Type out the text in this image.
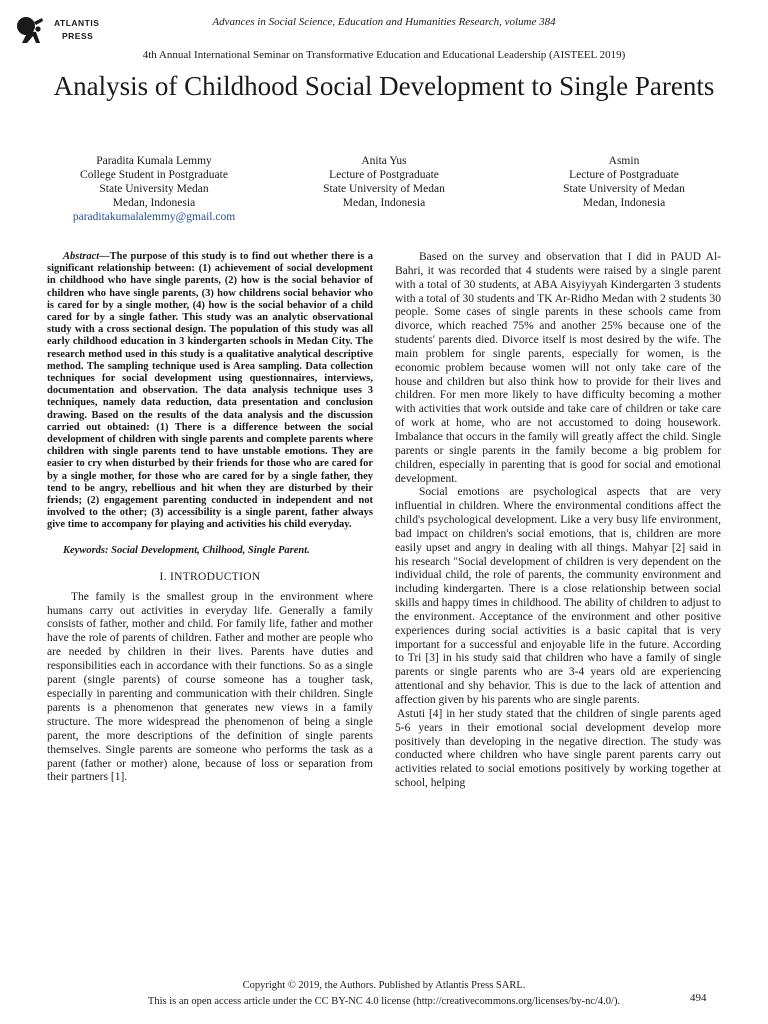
ATLANTIS
PRESS
Advances in Social Science, Education and Humanities Research, volume 384
4th Annual International Seminar on Transformative Education and Educational Leadership (AISTEEL 2019)
Analysis of Childhood Social Development to Single Parents
Paradita Kumala Lemmy
College Student in Postgraduate
State University Medan
Medan, Indonesia
paraditakumalalemmy@gmail.com
Anita Yus
Lecture of Postgraduate
State University of Medan
Medan, Indonesia
Asmin
Lecture of Postgraduate
State University of Medan
Medan, Indonesia

Abstract—The purpose of this study is to find out whether there is a significant relationship between: (1) achievement of social development in childhood who have single parents, (2) how is the social behavior of children who have single parents, (3) how childrens social behavior who is cared for by a single mother, (4) how is the social behavior of a child cared for by a single father. This study was an analytic observational study with a cross sectional design. The population of this study was all early childhood education in 3 kindergarten schools in Medan City. The research method used in this study is a qualitative analytical descriptive method. The sampling technique used is Area sampling. Data collection techniques for social development using questionnaires, interviews, documentation and observation. The data analysis technique uses 3 techniques, namely data reduction, data presentation and conclusion drawing. Based on the results of the data analysis and the discussion carried out obtained: (1) There is a difference between the social development of children with single parents and complete parents where children with single parents tend to have unstable emotions. They are easier to cry when disturbed by their friends for those who are cared for by a single mother, for those who are cared for by a single father, they tend to be angry, rebellious and hit when they are disturbed by their friends; (2) engagement parenting conducted in independent and not involved to the other; (3) accessibility is a single parent, father always give time to accompany for playing and activities his child everyday.

Keywords: Social Development, Chilhood, Single Parent.

I. INTRODUCTION

The family is the smallest group in the environment where humans carry out activities in everyday life. Generally a family consists of father, mother and child. For family life, father and mother have the role of parents of children. Father and mother are people who are needed by children in their lives. Parents have duties and responsibilities each in accordance with their functions. So as a single parent (single parents) of course someone has a tougher task, especially in parenting and communication with their children. Single parents is a phenomenon that generates new views in a family structure. The more widespread the phenomenon of being a single parent, the more descriptions of the definition of single parents themselves. Single parents are someone who performs the task as a parent (father or mother) alone, because of loss or separation from their partners [1].

Based on the survey and observation that I did in PAUD Al-Bahri, it was recorded that 4 students were raised by a single parent with a total of 30 students, at ABA Aisyiyyah Kindergarten 3 students with a total of 30 students and TK Ar-Ridho Medan with 2 students 30 people. Some cases of single parents in these schools came from divorce, which reached 75% and another 25% because one of the students' parents died. Divorce itself is most desired by the wife. The main problem for single parents, especially for women, is the economic problem because women will not only take care of the house and children but also think how to provide for their lives and children. For men more likely to have difficulty becoming a mother with activities that work outside and take care of children or take care of work at home, who are not accustomed to doing housework. Imbalance that occurs in the family will greatly affect the child. Single parents or single parents in the family become a big problem for children, especially in parenting that is good for social and emotional development.

Social emotions are psychological aspects that are very influential in children. Where the environmental conditions affect the child's psychological development. Like a very busy life environment, bad impact on children's social emotions, that is, children are more easily upset and angry in dealing with all things. Mahyar [2] said in his research "Social development of children is very dependent on the individual child, the role of parents, the community environment and including kindergarten. There is a close relationship between social skills and happy times in childhood. The ability of children to adjust to the environment. Acceptance of the environment and other positive experiences during social activities is a basic capital that is very important for a successful and enjoyable life in the future. According to Tri [3] in his study said that children who have a family of single parents or single parents who are 3-4 years old are experiencing attentional and shy behavior. This is due to the lack of attention and affection given by his parents who are single parents.

Astuti [4] in her study stated that the children of single parents aged 5-6 years in their emotional social development develop more positively than developing in the negative direction. The study was conducted where children who have single parent parents carry out activities related to social emotions positively by working together at school, helping

Copyright © 2019, the Authors. Published by Atlantis Press SARL.
This is an open access article under the CC BY-NC 4.0 license (http://creativecommons.org/licenses/by-nc/4.0/).	494
